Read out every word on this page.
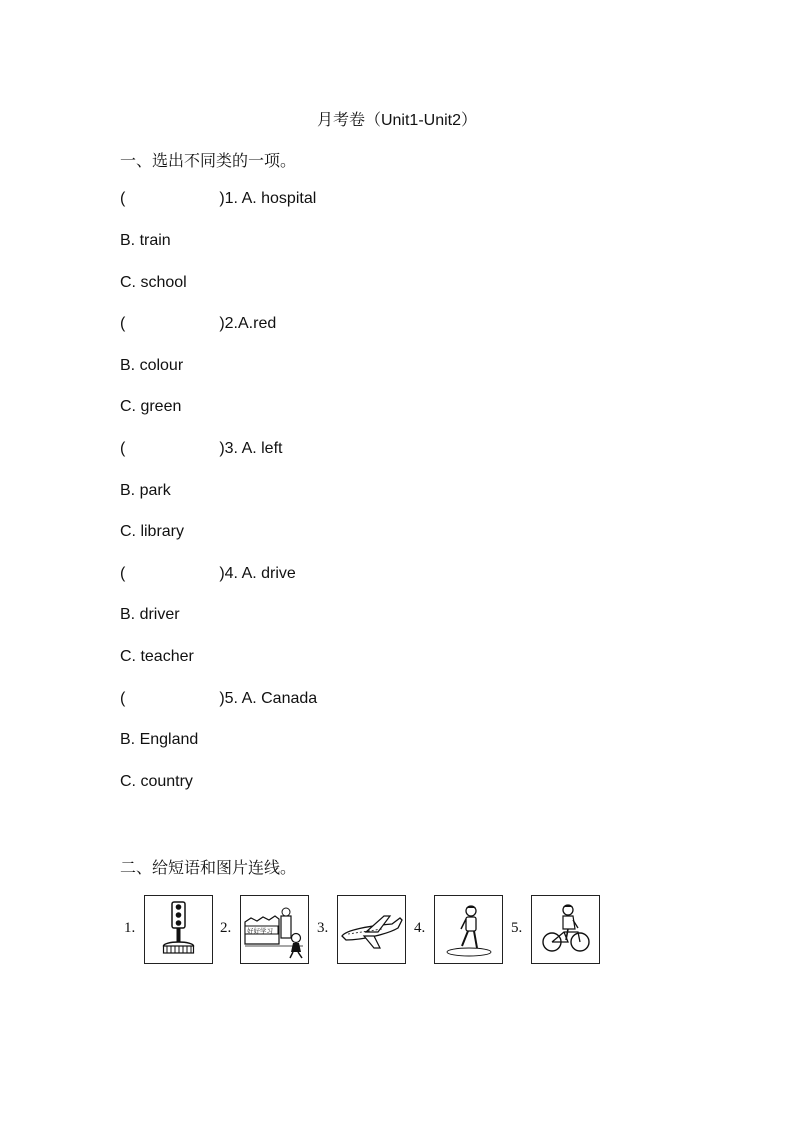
月考卷（Unit1-Unit2）
一、选出不同类的一项。
(	)1. A. hospital
B. train
C. school
(	)2.A.red
B. colour
C. green
(	)3. A. left
B. park
C. library
(	)4. A. drive
B. driver
C. teacher
(	)5. A. Canada
B. England
C. country
二、给短语和图片连线。
1.	2. 好好学习	3.	4.	5.
